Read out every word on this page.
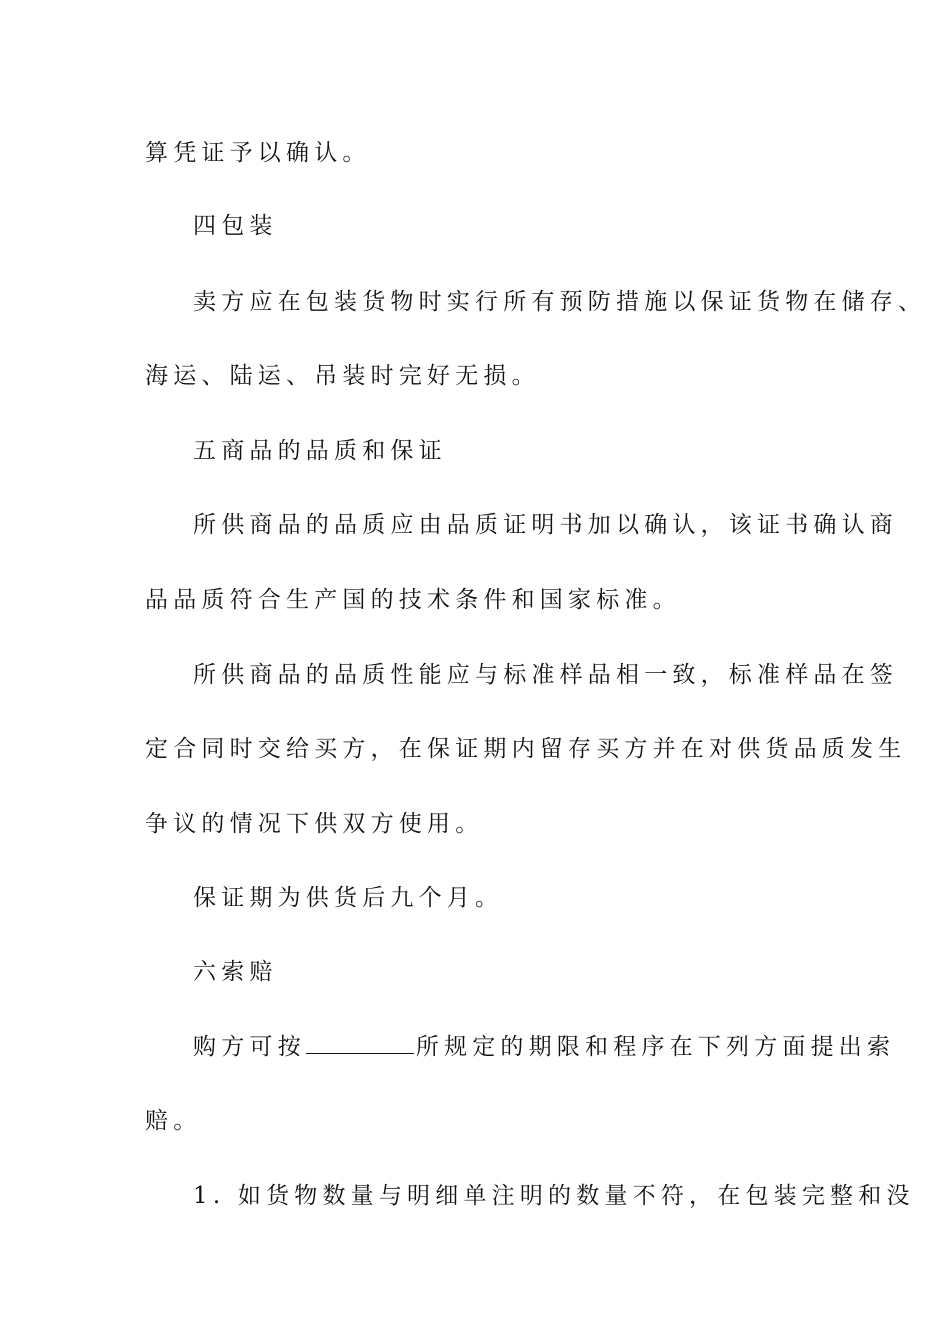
算凭证予以确认。
四包装
卖方应在包装货物时实行所有预防措施以保证货物在储存、
海运、陆运、吊装时完好无损。
五商品的品质和保证
所供商品的品质应由品质证明书加以确认，该证书确认商
品品质符合生产国的技术条件和国家标准。
所供商品的品质性能应与标准样品相一致，标准样品在签
定合同时交给买方，在保证期内留存买方并在对供货品质发生
争议的情况下供双方使用。
保证期为供货后九个月。
六索赔
购方可按	所规定的期限和程序在下列方面提出索
赔。
1. 如货物数量与明细单注明的数量不符，在包装完整和没
